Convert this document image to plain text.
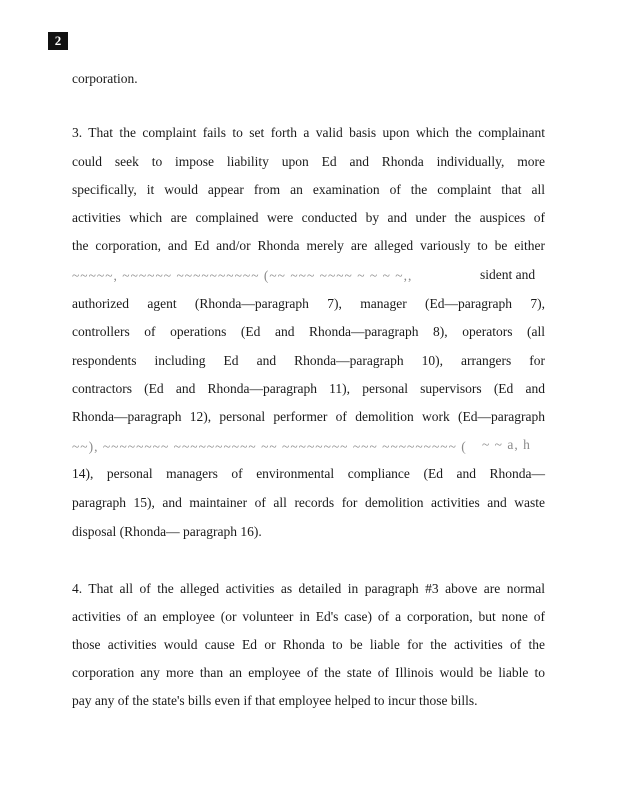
2
corporation.
3. That the complaint fails to set forth a valid basis upon which the complainant
could seek to impose liability upon Ed and Rhonda individually, more
specifically, it would appear from an examination of the complaint that all
activities which are complained were conducted by and under the auspices of
the corporation, and Ed and/or Rhonda merely are alleged variously to be either
~~~~~, ~~~~~~ ~~~~~~~~~~ (~~ ~~~ ~~~~ ~ ~ ~ ~,,	sident and
authorized agent (Rhonda—paragraph 7), manager (Ed—paragraph 7),
controllers of operations (Ed and Rhonda—paragraph 8), operators (all
respondents including Ed and Rhonda—paragraph 10), arrangers for
contractors (Ed and Rhonda—paragraph 11), personal supervisors (Ed and
Rhonda—paragraph 12), personal performer of demolition work (Ed—paragraph
~~), ~~~~~~~~ ~~~~~~~~~~ ~~ ~~~~~~~~ ~~~ ~~~~~~~~~ ( ~ ~ a, h
14), personal managers of environmental compliance (Ed and Rhonda—
paragraph 15), and maintainer of all records for demolition activities and waste
disposal (Rhonda— paragraph 16).
4. That all of the alleged activities as detailed in paragraph #3 above are normal
activities of an employee (or volunteer in Ed's case) of a corporation, but none of
those activities would cause Ed or Rhonda to be liable for the activities of the
corporation any more than an employee of the state of Illinois would be liable to
pay any of the state's bills even if that employee helped to incur those bills.
